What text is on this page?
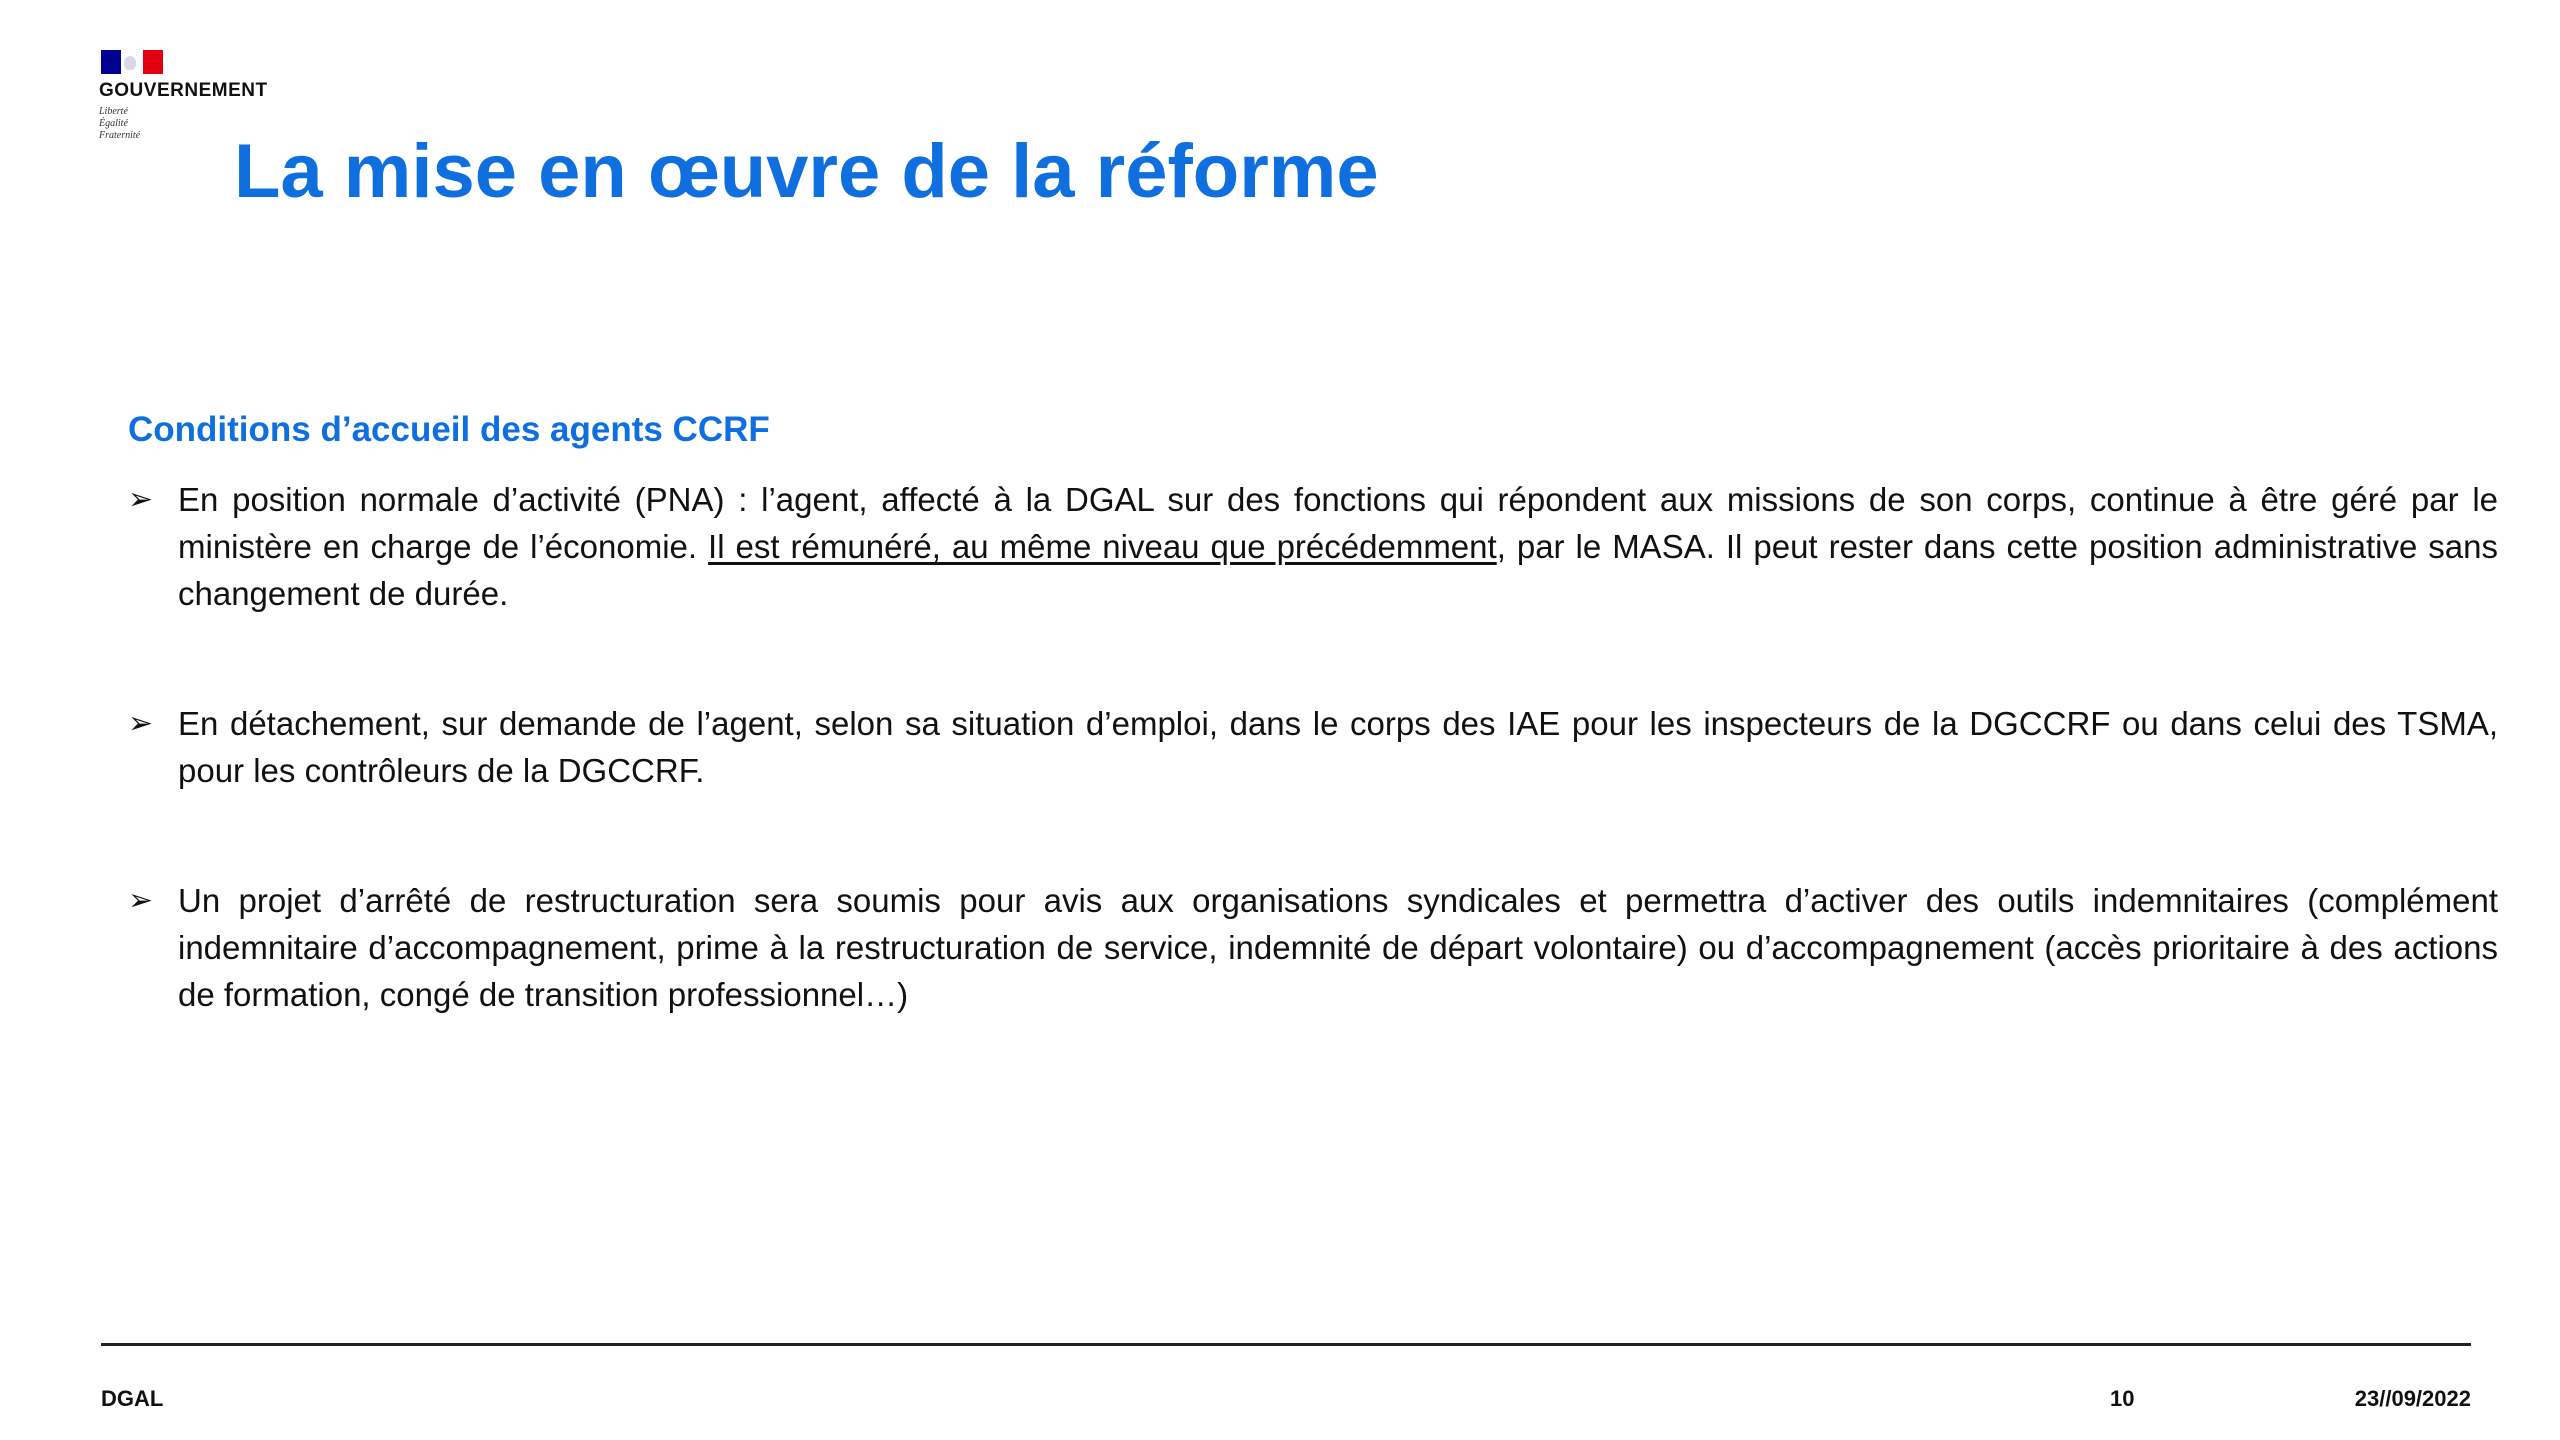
GOUVERNEMENT
Liberté
Égalité
Fraternité	La mise en œuvre de la réforme
Conditions d’accueil des agents CCRF
➢ En position normale d’activité (PNA) : l’agent, affecté à la DGAL sur des fonctions qui répondent aux missions de son corps, continue à être géré par le ministère en charge de l’économie. Il est rémunéré, au même niveau que précédemment, par le MASA. Il peut rester dans cette position administrative sans changement de durée.
➢ En détachement, sur demande de l’agent, selon sa situation d’emploi, dans le corps des IAE pour les inspecteurs de la DGCCRF ou dans celui des TSMA, pour les contrôleurs de la DGCCRF.
➢ Un projet d’arrêté de restructuration sera soumis pour avis aux organisations syndicales et permettra d’activer des outils indemnitaires (complément indemnitaire d’accompagnement, prime à la restructuration de service, indemnité de départ volontaire) ou d’accompagnement (accès prioritaire à des actions de formation, congé de transition professionnel…)
DGAL	10	23//09/2022
